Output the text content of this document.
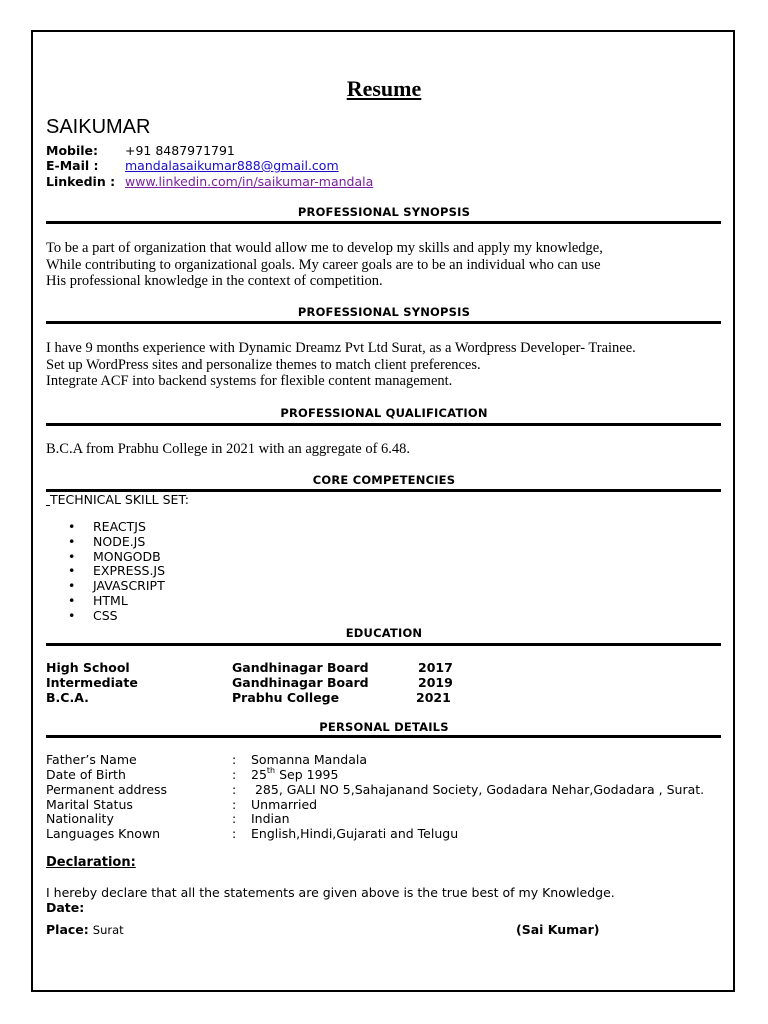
Resume
SAIKUMAR
Mobile: +91 8487971791
E-Mail : mandalasaikumar888@gmail.com
Linkedin : www.linkedin.com/in/saikumar-mandala
PROFESSIONAL SYNOPSIS
To be a part of organization that would allow me to develop my skills and apply my knowledge,
While contributing to organizational goals. My career goals are to be an individual who can use
His professional knowledge in the context of competition.
PROFESSIONAL SYNOPSIS
I have 9 months experience with Dynamic Dreamz Pvt Ltd Surat, as a Wordpress Developer- Trainee.
Set up WordPress sites and personalize themes to match client preferences.
Integrate ACF into backend systems for flexible content management.
PROFESSIONAL QUALIFICATION
B.C.A from Prabhu College in 2021 with an aggregate of 6.48.
CORE COMPETENCIES
TECHNICAL SKILL SET:
• REACTJS
• NODE.JS
• MONGODB
• EXPRESS.JS
• JAVASCRIPT
• HTML
• CSS
EDUCATION
High School	Gandhinagar Board	2017
Intermediate	Gandhinagar Board	2019
B.C.A.	Prabhu College	2021
PERSONAL DETAILS
Father’s Name	: Somanna Mandala
Date of Birth	: 25th Sep 1995
Permanent address	: 285, GALI NO 5,Sahajanand Society, Godadara Nehar,Godadara , Surat.
Marital Status	: Unmarried
Nationality	: Indian
Languages Known	: English,Hindi,Gujarati and Telugu
Declaration:
I hereby declare that all the statements are given above is the true best of my Knowledge.
Date:
Place: Surat	(Sai Kumar)
